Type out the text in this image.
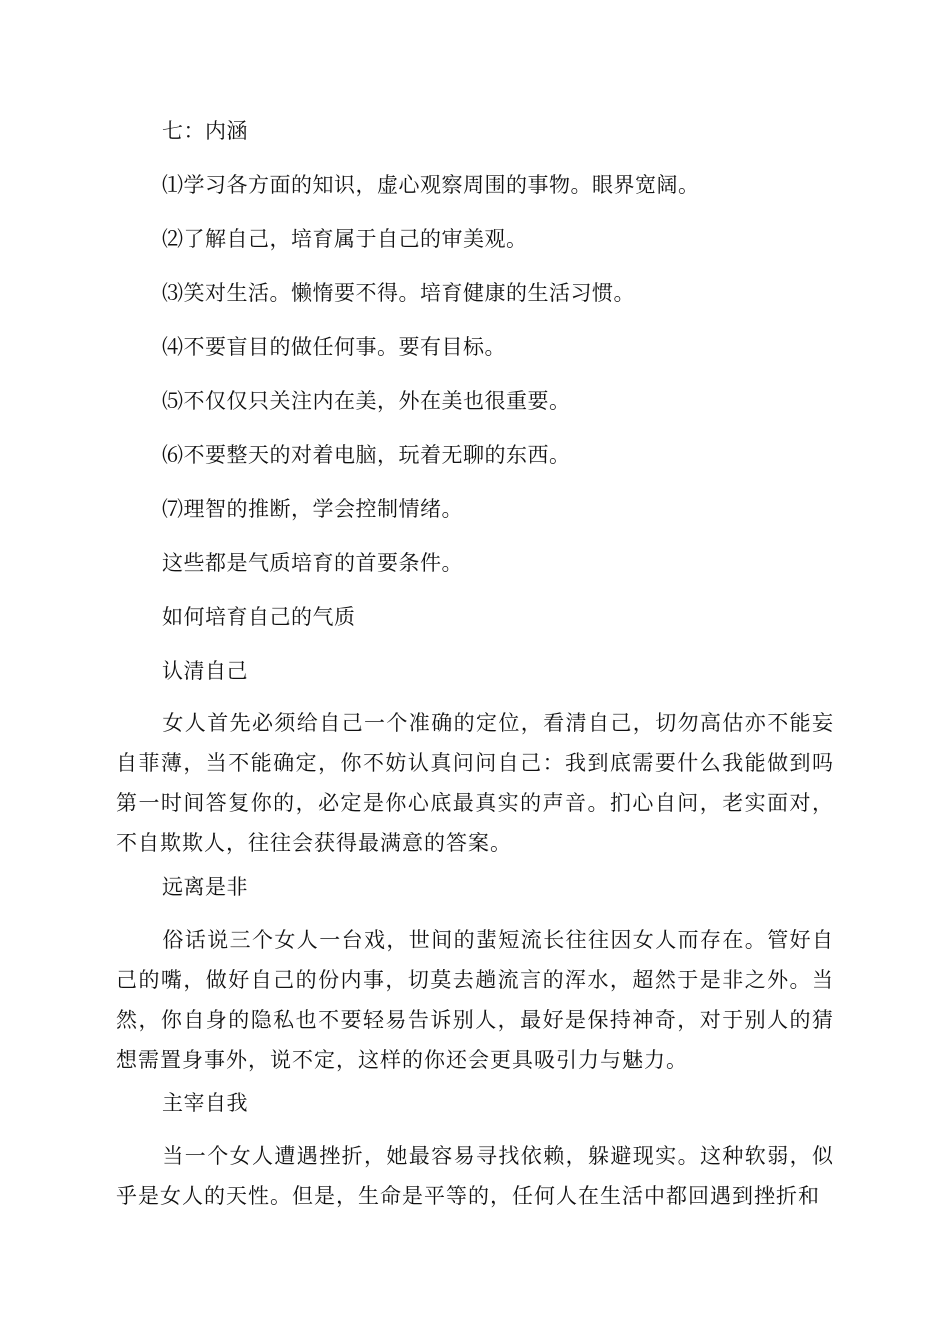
七：内涵
⑴学习各方面的知识，虚心观察周围的事物。眼界宽阔。
⑵了解自己，培育属于自己的审美观。
⑶笑对生活。懒惰要不得。培育健康的生活习惯。
⑷不要盲目的做任何事。要有目标。
⑸不仅仅只关注内在美，外在美也很重要。
⑹不要整天的对着电脑，玩着无聊的东西。
⑺理智的推断，学会控制情绪。
这些都是气质培育的首要条件。
如何培育自己的气质
认清自己
女人首先必须给自己一个准确的定位，看清自己，切勿高估亦不能妄自菲薄，当不能确定，你不妨认真问问自己：我到底需要什么我能做到吗第一时间答复你的，必定是你心底最真实的声音。扪心自问，老实面对，不自欺欺人，往往会获得最满意的答案。
远离是非
俗话说三个女人一台戏，世间的蜚短流长往往因女人而存在。管好自己的嘴，做好自己的份内事，切莫去趟流言的浑水，超然于是非之外。当然，你自身的隐私也不要轻易告诉别人，最好是保持神奇，对于别人的猜想需置身事外，说不定，这样的你还会更具吸引力与魅力。
主宰自我
当一个女人遭遇挫折，她最容易寻找依赖，躲避现实。这种软弱，似乎是女人的天性。但是，生命是平等的，任何人在生活中都回遇到挫折和
